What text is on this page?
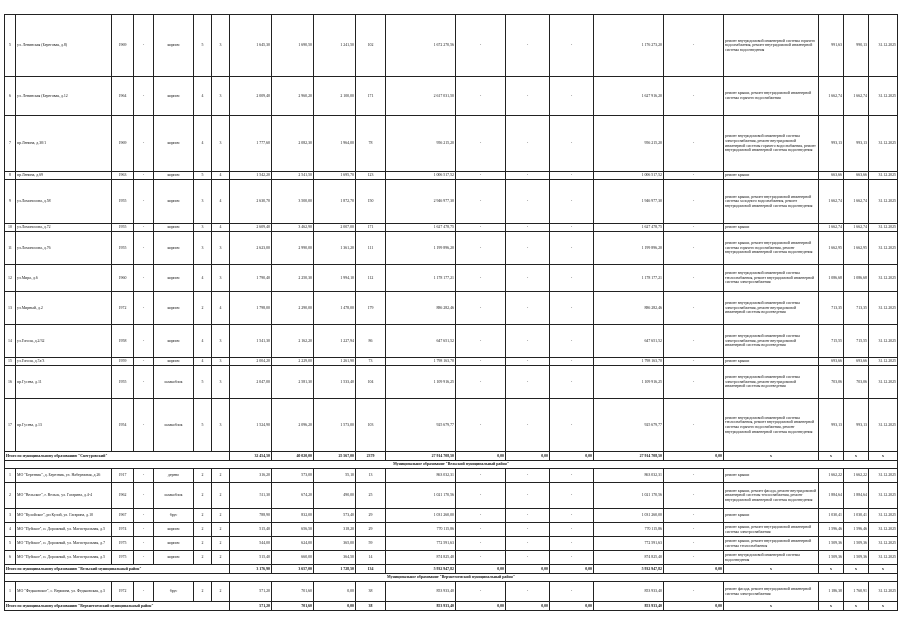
5	ул. Ленинская (Береговая, д.8)	1969	-	кирпич	5	3	1 645,30	1 690,50	1 241,50	102	1 672 270,56	-	-	-	1 176 273,20	-	ремонт внутридомовой инженерной системы горячего водоснабжения, ремонт внутридомовой инженерной системы водоотведения	991,63	990,13	31.12.2025
6	ул. Ленинская (Береговая, д.12	1964	-	кирпич	4	3	2 009,40	2 960,20	2 100,00	171	2 617 031,50	-	-	-	1 627 916,20	-	ремонт крыши, ремонт внутридомовой инженерной системы горячего водоснабжения	1 662,74	1 662,74	31.12.2025
7	пр.Ленина, д.30/1	1969	-	кирпич	4	3	1 777,60	2 082,30	1 964,00	78	956 215,20	-	-	-	956 215,20	-	ремонт внутридомовой инженерной системы электроснабжения, ремонт внутридомовой инженерной системы горячего водоснабжения, ремонт внутридомовой инженерной системы водоотведения	993,13	993,13	31.12.2025
8	пр.Ленина, д.69	1963	-	кирпич	5	4	1 542,20	2 541,50	1 695,70	123	1 006 517,52	-	-	-	1 006 517,52	-	ремонт крыши	663,66	663,66	31.12.2025
9	ул.Ломоносова, д.58	1955	-	кирпич	3	4	2 630,70	3 500,00	1 872,70	150	2 946 977,30	-	-	-	1 946 977,30	-	ремонт крыши, ремонт внутридомовой инженерной системы холодного водоснабжения, ремонт внутридомовой инженерной системы водоотведения	1 662,74	1 662,74	31.12.2025
10	ул.Ломоносова, д.72	1955	-	кирпич	3	4	2 609,40	3 462,90	2 007,00	171	1 627 478,75	-	-	-	1 627 478,75	-	ремонт крыши	1 662,74	1 662,74	31.12.2025
11	ул.Ломоносова, д.76	1955	-	кирпич	3	3	2 623,00	2 990,00	1 361,20	111	1 199 896,20	-	-	-	1 199 896,20	-	ремонт крыши, ремонт внутридомовой инженерной системы горячего водоснабжения, ремонт внутридомовой инженерной системы водоотведения	1 662,95	1 662,95	31.12.2025
12	ул.Мира, д.6	1960	-	кирпич	4	3	1 790,40	2 250,30	1 994,10	112	1 178 177,21	-	-	-	1 178 177,21	-	ремонт внутридомовой инженерной системы теплоснабжения, ремонт внутридомовой инженерной системы электроснабжения	1 086,68	1 086,68	31.12.2025
13	ул.Мирный, д.2	1972	-	кирпич	2	4	1 798,00	2 290,00	1 478,00	179	886 282,46	-	-	-	886 282,46	-	ремонт внутридомовой инженерной системы электроснабжения, ремонт внутридомовой инженерной системы водоотведения	713,35	713,35	31.12.2025
14	ул.Гоголя, д.2/32	1958	-	кирпич	4	3	1 541,30	2 162,20	1 227,94	86	647 651,52	-	-	-	647 651,52	-	ремонт внутридомовой инженерной системы электроснабжения, ремонт внутридомовой инженерной системы водоотведения	715,55	715,55	31.12.2025
15	ул.Гоголя, д.7а/3	1959	-	кирпич	4	3	2 004,20	2 229,00	1 261,90	73	1 798 163,70	-	-	-	1 798 163,70	-	ремонт крыши	693,66	693,66	31.12.2025
16	пр.Гусева, д.11	1955	-	шлакоблок	5	3	2 047,00	2 581,30	1 533,40	104	1 109 916,25	-	-	-	1 109 916,25	-	ремонт внутридомовой инженерной системы электроснабжения, ремонт внутридомовой инженерной системы водоотведения	703,06	703,06	31.12.2025
17	пр.Гусева, д.13	1954	-	шлакоблок	5	3	1 524,90	2 096,20	1 573,00	103	925 679,77	-	-	-	925 679,77	-	ремонт внутридомовой инженерной системы теплоснабжения, ремонт внутридомовой инженерной системы горячего водоснабжения, ремонт внутридомовой инженерной системы водоотведения	993,13	993,13	31.12.2025
Итого по муниципальному образованию "Снегуровский"							32 454,50	40 020,00	25 567,00	2379	27 914 708,50	0,00	0,00	0,00	27 914 708,50	0,00	х	х	х	х
Муниципальное образование "Вельский муниципальный район"																				
1	МО "Березник", д. Березник, ул. Набережная, д.26	1917	-	дерево	2	2	316,20	573,00	55,10	13	863 032,31	-	-	-	863 032,31	-	ремонт крыши	1 662,22	1 662,22	31.12.2025
2	МО "Вельское", г. Вельск, ул. Гагарина, д.4-4	1962	-	шлакоблок	2	2	511,30	674,20	490,00	25	1 021 170,56	-	-	-	1 021 170,56	-	ремонт крыши, ремонт фасада, ремонт внутридомовой инженерной системы теплоснабжения, ремонт внутридомовой инженерной системы водоотведения	1 884,64	1 884,64	31.12.2025
3	МО "Кулойское", рп Кулой, ул. Гагарина, д.10	1967	-	брус	2	2	788,90	832,00	573,40	29	1 031 260,00	-	-	-	1 031 260,00	-	ремонт крыши	1 030,41	1 030,41	31.12.2025
4	МО "Пуйское", п. Дорожный, ул. Магистральная, д.5	1974	-	кирпич	2	2	515,40	656,50	318,20	29	770 115,86	-	-	-	770 115,86	-	ремонт крыши, ремонт внутридомовой инженерной системы электроснабжения	1 596,46	1 596,46	31.12.2025
5	МО "Пуйское", п. Дорожный, ул. Магистральная, д.7	1975	-	кирпич	2	2	544,00	624,00	365,00	59	772 591,63	-	-	-	772 591,63	-	ремонт крыши, ремонт внутридомовой инженерной системы теплоснабжения	1 509,36	1 509,36	31.12.2025
6	МО "Пуйское", п. Дорожный, ул. Магистральная, д.5	1975	-	кирпич	2	2	515,40	660,00	364,50	14	874 825,40	-	-	-	874 825,40	-	ремонт внутридомовой инженерной системы водоотведения	1 509,36	1 509,36	31.12.2025
Итого по муниципальному образованию "Вельский муниципальный район"							3 176,90	3 657,00	1 728,50	134	5 932 947,82	0,00	0,00	0,00	5 932 947,82	0,00	х	х	х	х
Муниципальное образование "Верхнетоемский муниципальный район"																				
1	МО "Федьковское", с. Вершина, ул. Федьковская, д.3	1972	-	брус	2	2	571,20	701,60	0,00	38	853 933,40	-	-	-	853 933,40	-	ремонт фасада, ремонт внутридомовой инженерной системы электроснабжения	1 186,38	1 760,91	31.12.2025
Итого по муниципальному образованию "Верхнетоемский муниципальный район"							571,20	701,60	0,00	38	853 933,40	0,00	0,00	0,00	853 933,40	0,00	х	х	х	х
